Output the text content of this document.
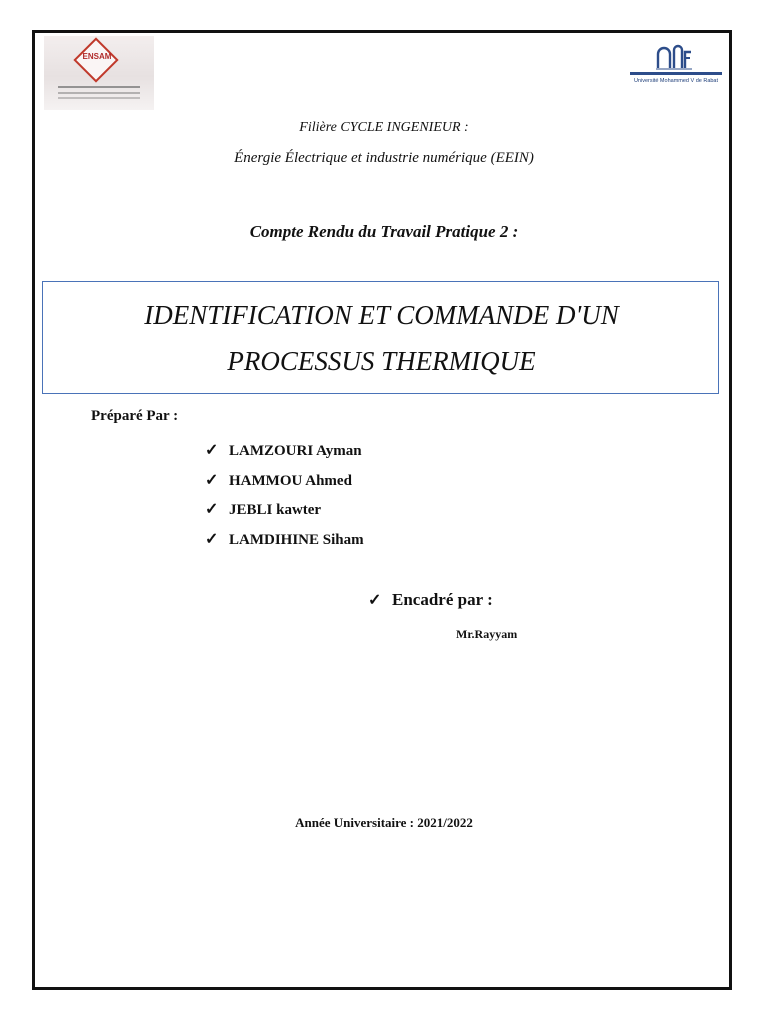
ENSAM
Université Mohammed V de Rabat
Filière CYCLE INGENIEUR :
Énergie Électrique et industrie numérique (EEIN)
Compte Rendu du Travail Pratique 2 :
IDENTIFICATION ET COMMANDE D'UN
PROCESSUS THERMIQUE
Préparé Par :
✓ LAMZOURI Ayman
✓ HAMMOU Ahmed
✓ JEBLI kawter
✓ LAMDIHINE Siham
✓ Encadré par :
Mr.Rayyam
Année Universitaire : 2021/2022
